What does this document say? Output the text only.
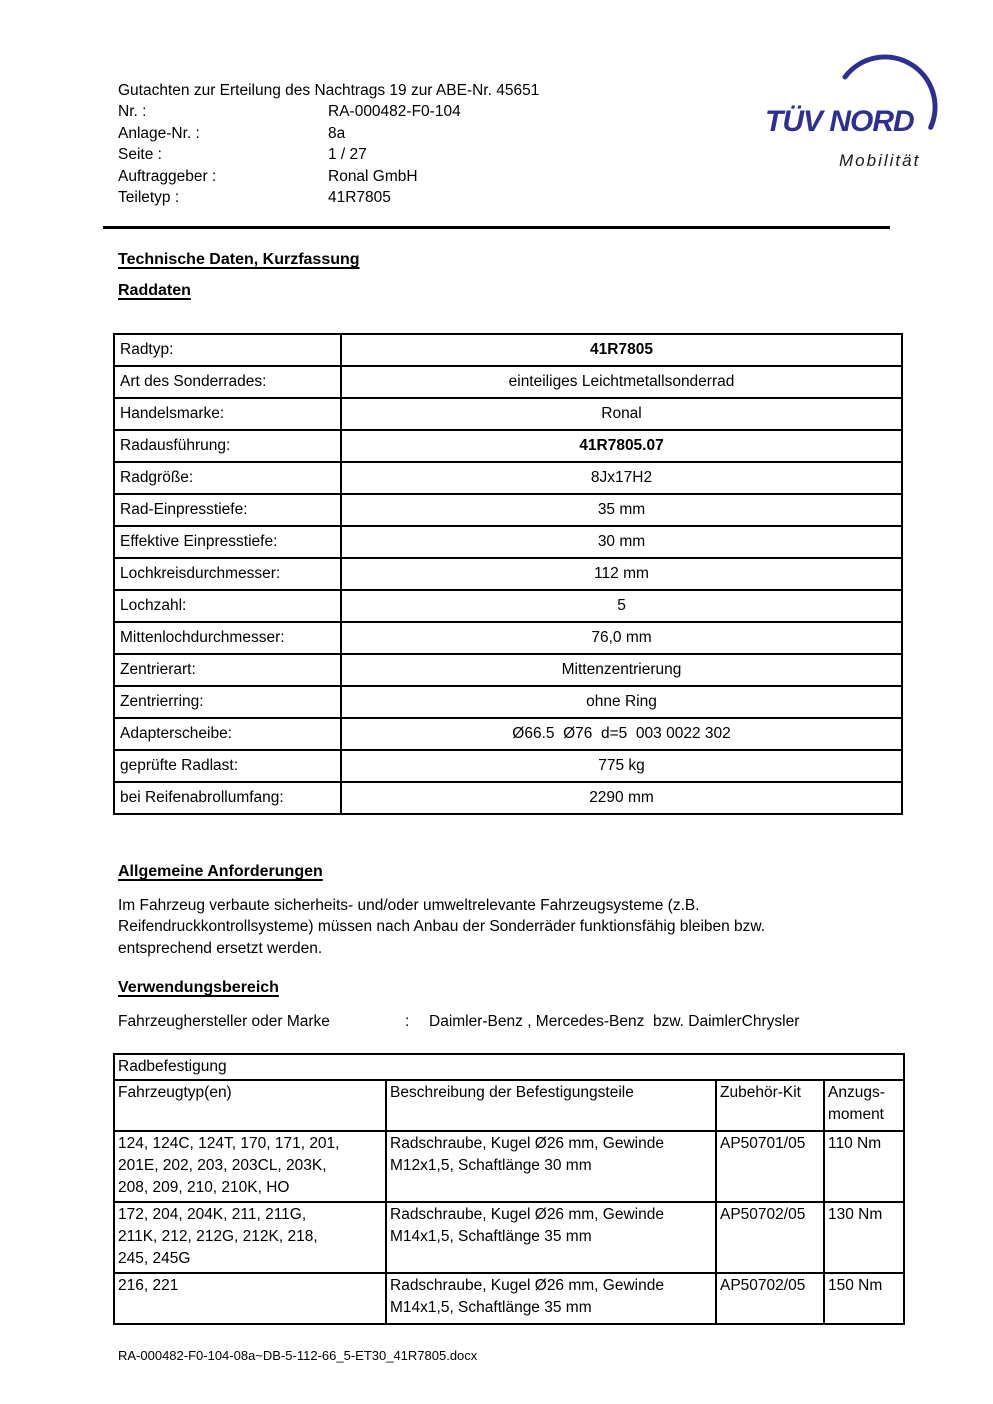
Gutachten zur Erteilung des Nachtrags 19 zur ABE-Nr. 45651
Nr. :	RA-000482-F0-104
Anlage-Nr. :	8a
Seite :	1 / 27
Auftraggeber :	Ronal GmbH
Teiletyp :	41R7805
TÜV NORD
Mobilität
Technische Daten, Kurzfassung
Raddaten
Radtyp:	41R7805
Art des Sonderrades:	einteiliges Leichtmetallsonderrad
Handelsmarke:	Ronal
Radausführung:	41R7805.07
Radgröße:	8Jx17H2
Rad-Einpresstiefe:	35 mm
Effektive Einpresstiefe:	30 mm
Lochkreisdurchmesser:	112 mm
Lochzahl:	5
Mittenlochdurchmesser:	76,0 mm
Zentrierart:	Mittenzentrierung
Zentrierring:	ohne Ring
Adapterscheibe:	Ø66.5  Ø76  d=5  003 0022 302
geprüfte Radlast:	775 kg
bei Reifenabrollumfang:	2290 mm
Allgemeine Anforderungen
Im Fahrzeug verbaute sicherheits- und/oder umweltrelevante Fahrzeugsysteme (z.B.
Reifendruckkontrollsysteme) müssen nach Anbau der Sonderräder funktionsfähig bleiben bzw.
entsprechend ersetzt werden.
Verwendungsbereich
Fahrzeughersteller oder Marke	: Daimler-Benz , Mercedes-Benz  bzw. DaimlerChrysler
Radbefestigung			
Fahrzeugtyp(en)	Beschreibung der Befestigungsteile	Zubehör-Kit	Anzugs-moment
124, 124C, 124T, 170, 171, 201, 201E, 202, 203, 203CL, 203K, 208, 209, 210, 210K, HO	Radschraube, Kugel Ø26 mm, Gewinde M12x1,5, Schaftlänge 30 mm	AP50701/05	110 Nm
172, 204, 204K, 211, 211G, 211K, 212, 212G, 212K, 218, 245, 245G	Radschraube, Kugel Ø26 mm, Gewinde M14x1,5, Schaftlänge 35 mm	AP50702/05	130 Nm
216, 221	Radschraube, Kugel Ø26 mm, Gewinde M14x1,5, Schaftlänge 35 mm	AP50702/05	150 Nm
RA-000482-F0-104-08a~DB-5-112-66_5-ET30_41R7805.docx
